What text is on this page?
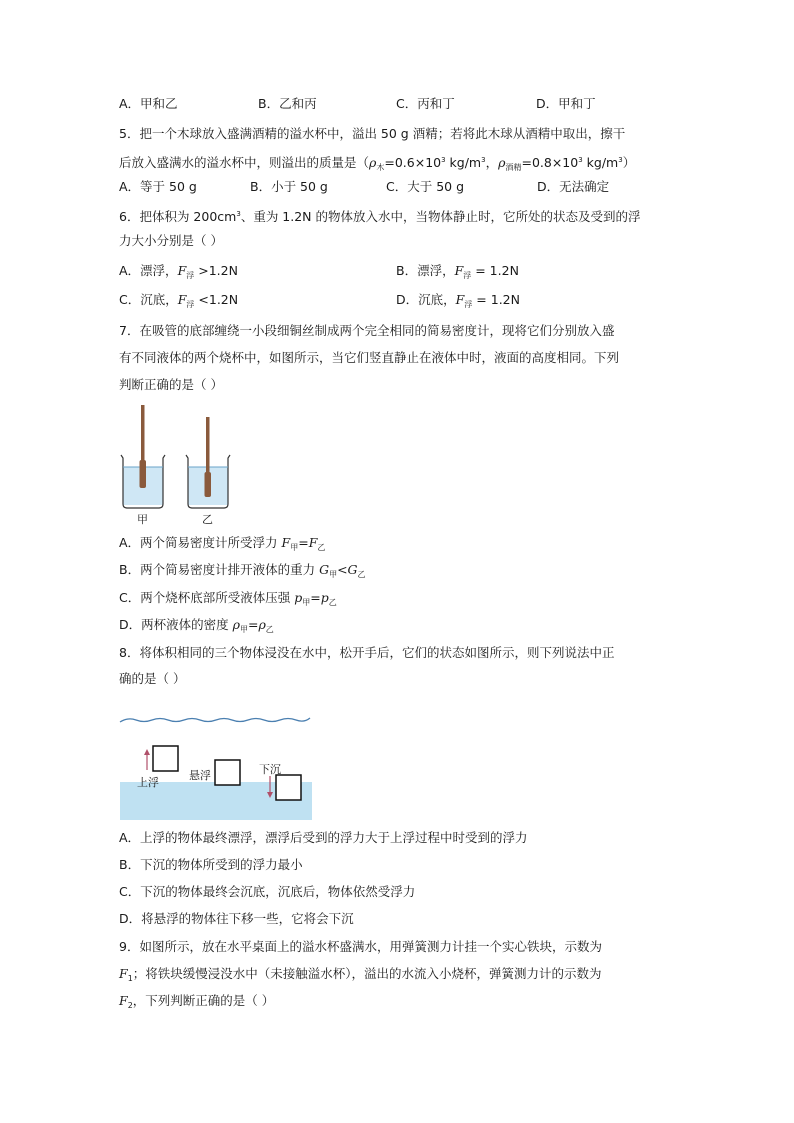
A．甲和乙	B．乙和丙	C．丙和丁	D．甲和丁
5．把一个木球放入盛满酒精的溢水杯中，溢出 50 g 酒精；若将此木球从酒精中取出，擦干
后放入盛满水的溢水杯中，则溢出的质量是（$\rho_木=0.6\times 10^3$ $kg/m^3$，$\rho_{酒精}=0.8\times 10^3$ $kg/m^3$）
A．等于 50 g	B．小于 50 g	C．大于 50 g	D．无法确定
6．把体积为 $200cm^3$、重为 1.2N 的物体放入水中，当物体静止时，它所处的状态及受到的浮
力大小分别是（ ）
A．漂浮，$F_浮 >1.2N$	B．漂浮，$F_浮 = 1.2N$
C．沉底，$F_浮 <1.2N$	D．沉底，$F_浮 = 1.2N$
7．在吸管的底部缠绕一小段细铜丝制成两个完全相同的简易密度计，现将它们分别放入盛
有不同液体的两个烧杯中，如图所示，当它们竖直静止在液体中时，液面的高度相同。下列
判断正确的是（ ）
甲	乙
A．两个简易密度计所受浮力 $F_甲=F_乙$
B．两个简易密度计排开液体的重力 $G_甲<G_乙$
C．两个烧杯底部所受液体压强 $p_甲=p_乙$
D．两杯液体的密度 $\rho_甲=\rho_乙$
8．将体积相同的三个物体浸没在水中，松开手后，它们的状态如图所示，则下列说法中正
确的是（ ）
上浮
悬浮	下沉
A．上浮的物体最终漂浮，漂浮后受到的浮力大于上浮过程中时受到的浮力
B．下沉的物体所受到的浮力最小
C．下沉的物体最终会沉底，沉底后，物体依然受浮力
D．将悬浮的物体往下移一些，它将会下沉
9．如图所示，放在水平桌面上的溢水杯盛满水，用弹簧测力计挂一个实心铁块，示数为
$F_1$；将铁块缓慢浸没水中（未接触溢水杯），溢出的水流入小烧杯，弹簧测力计的示数为
$F_2$，下列判断正确的是（ ）
